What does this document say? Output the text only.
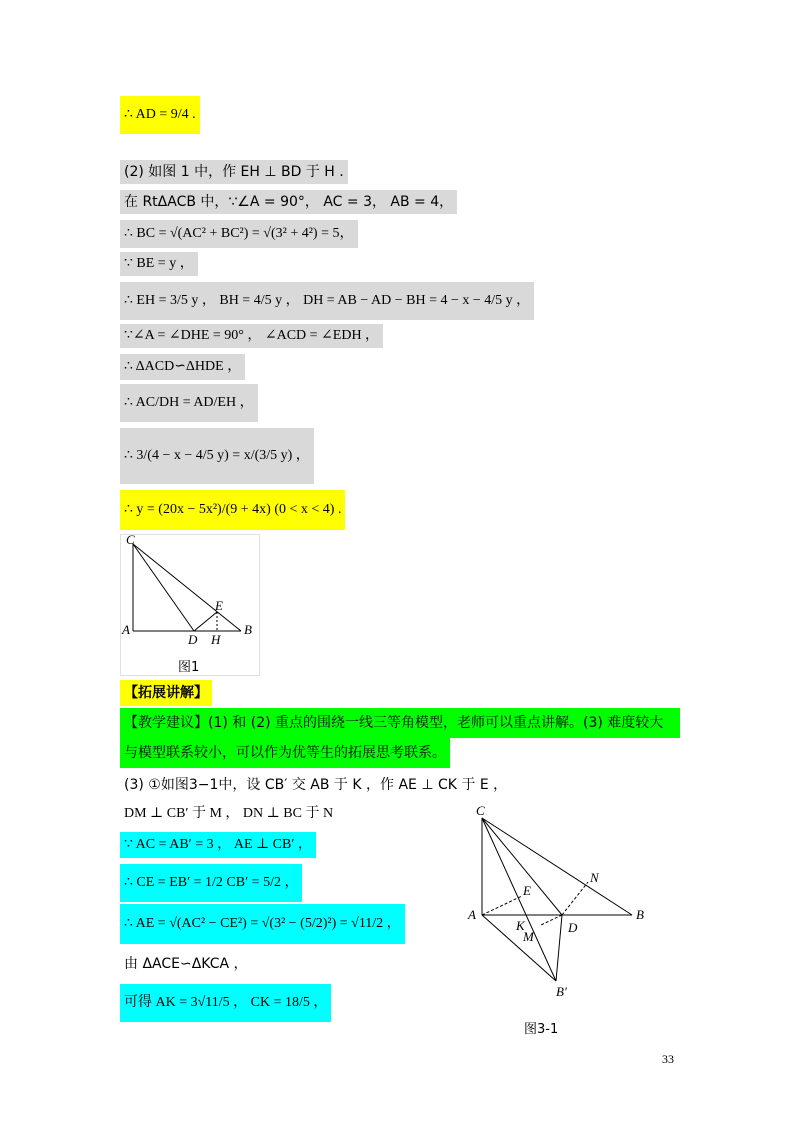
∴ AD = 9/4 .
(2) 如图 1 中，作 EH ⊥ BD 于 H .
在 RtΔACB 中，∵∠A = 90°， AC = 3， AB = 4，
∴ BC = √(AC² + BC²) = √(3² + 4²) = 5，
∵ BE = y ，
∴ EH = 3/5 y ， BH = 4/5 y ， DH = AB − AD − BH = 4 − x − 4/5 y ，
∵∠A = ∠DHE = 90° ， ∠ACD = ∠EDH ，
∴ ΔACD∽ΔHDE ，
∴ AC/DH = AD/EH ，
∴ 3/(4 − x − 4/5 y) = x/(3/5 y) ，
∴ y = (20x − 5x²)/(9 + 4x) (0 < x < 4) .
C
A
D H
B
E
图1
【拓展讲解】
【教学建议】(1) 和 (2) 重点的围绕一线三等角模型，老师可以重点讲解。(3) 难度较大
与模型联系较小，可以作为优等生的拓展思考联系。
(3) ①如图3−1中，设 CB′ 交 AB 于 K ，作 AE ⊥ CK 于 E ，
DM ⊥ CB′ 于 M ， DN ⊥ BC 于 N
∵ AC = AB′ = 3 ， AE ⊥ CB′ ，
∴ CE = EB′ = 1/2 CB′ = 5/2 ，
∴ AE = √(AC² − CE²) = √(3² − (5/2)²) = √11/2 ，
由 ΔACE∽ΔKCA ，
可得 AK = 3√11/5 ， CK = 18/5 ，
C
A	B
E
K	D
M
N
B′
图3-1
33
